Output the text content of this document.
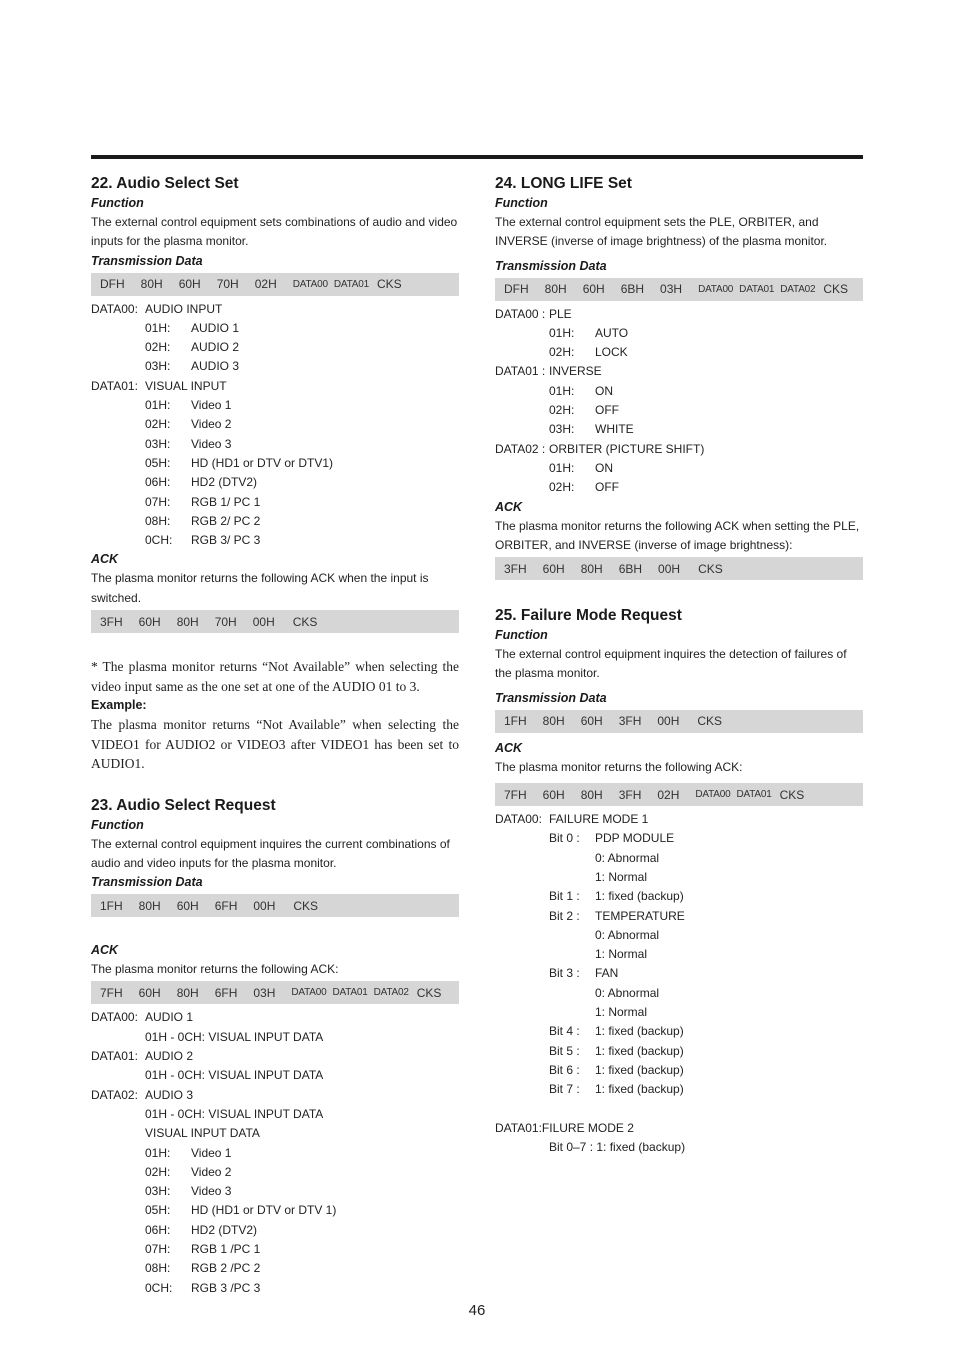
22. Audio Select Set
Function
The external control equipment sets combinations of audio and video inputs for the plasma monitor.
Transmission Data
DFH 80H 60H 70H 02H DATA00 DATA01 CKS
DATA00: AUDIO INPUT
01H:	AUDIO 1
02H:	AUDIO 2
03H:	AUDIO 3
DATA01: VISUAL INPUT
01H:	Video 1
02H:	Video 2
03H:	Video 3
05H:	HD (HD1 or DTV or DTV1)
06H:	HD2 (DTV2)
07H:	RGB 1/ PC 1
08H:	RGB 2/ PC 2
0CH:	RGB 3/ PC 3
ACK
The plasma monitor returns the following ACK when the input is switched.
3FH 60H 80H 70H 00H CKS
* The plasma monitor returns “Not Available” when selecting the video input same as the one set at one of the AUDIO 01 to 3.
Example:
The plasma monitor returns “Not Available” when selecting the VIDEO1 for AUDIO2 or VIDEO3 after VIDEO1 has been set to AUDIO1.
23. Audio Select Request
Function
The external control equipment inquires the current combinations of audio and video inputs for the plasma monitor.
Transmission Data
1FH 80H 60H 6FH 00H CKS
ACK
The plasma monitor returns the following ACK:
7FH 60H 80H 6FH 03H DATA00 DATA01 DATA02 CKS
DATA00: AUDIO 1
01H - 0CH: VISUAL INPUT DATA
DATA01: AUDIO 2
01H - 0CH: VISUAL INPUT DATA
DATA02: AUDIO 3
01H - 0CH: VISUAL INPUT DATA
VISUAL INPUT DATA
01H:	Video 1
02H:	Video 2
03H:	Video 3
05H:	HD (HD1 or DTV or DTV 1)
06H:	HD2 (DTV2)
07H:	RGB 1 /PC 1
08H:	RGB 2 /PC 2
0CH:	RGB 3 /PC 3
24. LONG LIFE Set
Function
The external control equipment sets the PLE, ORBITER, and INVERSE (inverse of image brightness) of the plasma monitor.
Transmission Data
DFH 80H 60H 6BH 03H DATA00 DATA01 DATA02 CKS
DATA00 : PLE
01H:	AUTO
02H:	LOCK
DATA01 : INVERSE
01H:	ON
02H:	OFF
03H:	WHITE
DATA02 : ORBITER (PICTURE SHIFT)
01H:	ON
02H:	OFF
ACK
The plasma monitor returns the following ACK when setting the PLE, ORBITER, and INVERSE (inverse of image brightness):
3FH 60H 80H 6BH 00H CKS
25. Failure Mode Request
Function
The external control equipment inquires the detection of failures of the plasma monitor.
Transmission Data
1FH 80H 60H 3FH 00H CKS
ACK
The plasma monitor returns the following ACK:
7FH 60H 80H 3FH 02H DATA00 DATA01 CKS
DATA00: FAILURE MODE 1
Bit 0 :	PDP MODULE
0: Abnormal
1: Normal
Bit 1 :	1: fixed (backup)
Bit 2 :	TEMPERATURE
0: Abnormal
1: Normal
Bit 3 :	FAN
0: Abnormal
1: Normal
Bit 4 :	1: fixed (backup)
Bit 5 :	1: fixed (backup)
Bit 6 :	1: fixed (backup)
Bit 7 :	1: fixed (backup)
DATA01:FILURE MODE 2
Bit 0–7 : 1: fixed (backup)
46
